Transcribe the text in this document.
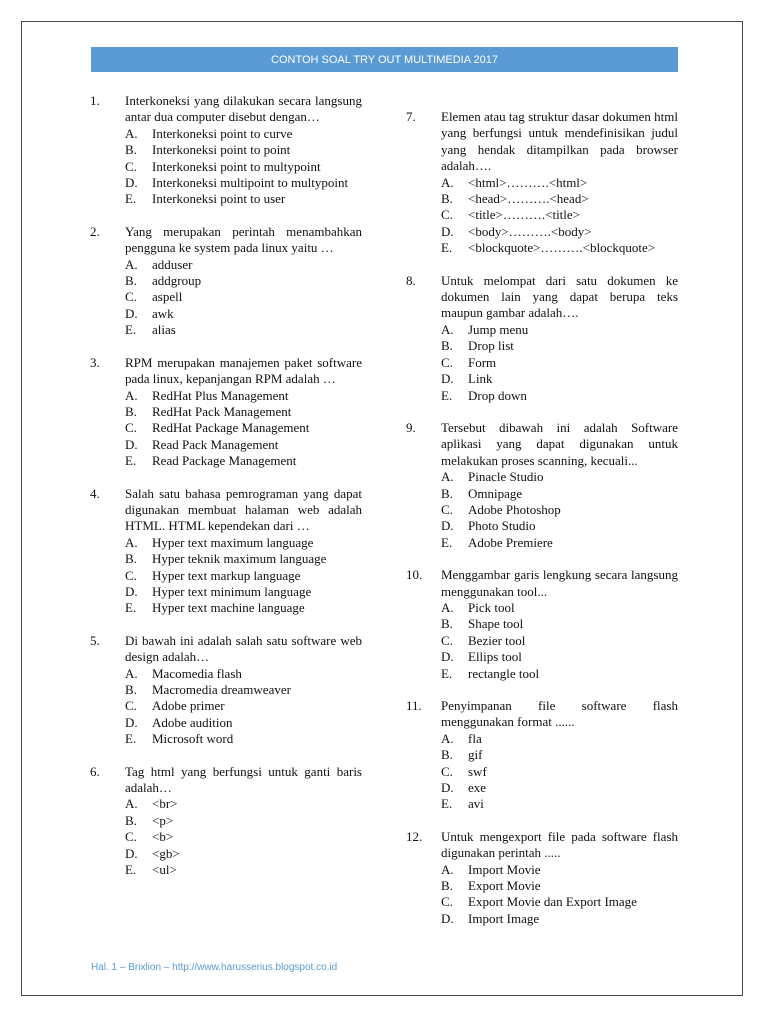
CONTOH SOAL TRY OUT MULTIMEDIA 2017
1. Interkoneksi yang dilakukan secara langsung antar dua computer disebut dengan…
A.	Interkoneksi point to curve
B.	Interkoneksi point to point
C.	Interkoneksi point to multypoint
D.	Interkoneksi multipoint to multypoint
E.	Interkoneksi point to user
2. Yang merupakan perintah menambahkan pengguna ke system pada linux yaitu …
A.	adduser
B.	addgroup
C.	aspell
D.	awk
E.	alias
3. RPM merupakan manajemen paket software pada linux, kepanjangan RPM adalah …
A.	RedHat Plus Management
B.	RedHat Pack Management
C.	RedHat Package Management
D.	Read Pack Management
E.	Read Package Management
4. Salah satu bahasa pemrograman yang dapat digunakan membuat halaman web adalah HTML. HTML kependekan dari …
A.	Hyper text maximum language
B.	Hyper teknik maximum language
C.	Hyper text markup language
D.	Hyper text minimum language
E.	Hyper text machine language
5. Di bawah ini adalah salah satu software web design adalah…
A.	Macomedia flash
B.	Macromedia dreamweaver
C.	Adobe primer
D.	Adobe audition
E.	Microsoft word
6. Tag html yang berfungsi untuk ganti baris adalah…
A.	<br>
B.	<p>
C.	<b>
D.	<gb>
E.	<ul>
7. Elemen atau tag struktur dasar dokumen html yang berfungsi untuk mendefinisikan judul yang hendak ditampilkan pada browser adalah….
A.	<html>……….<html>
B.	<head>……….<head>
C.	<title>……….<title>
D.	<body>……….<body>
E.	<blockquote>……….<blockquote>
8. Untuk melompat dari satu dokumen ke dokumen lain yang dapat berupa teks maupun gambar adalah….
A.	Jump menu
B.	Drop list
C.	Form
D.	Link
E.	Drop down
9. Tersebut dibawah ini adalah Software aplikasi yang dapat digunakan untuk melakukan proses scanning, kecuali...
A.	Pinacle Studio
B.	Omnipage
C.	Adobe Photoshop
D.	Photo Studio
E.	Adobe Premiere
10. Menggambar garis lengkung secara langsung menggunakan tool...
A.	Pick tool
B.	Shape tool
C.	Bezier tool
D.	Ellips tool
E.	rectangle tool
11. Penyimpanan file software flash menggunakan format ......
A.	fla
B.	gif
C.	swf
D.	exe
E.	avi
12. Untuk mengexport file pada software flash digunakan perintah .....
A.	Import Movie
B.	Export Movie
C.	Export Movie dan Export Image
D.	Import Image
Hal. 1 – Brixlion – http://www.harusserius.blogspot.co.id
